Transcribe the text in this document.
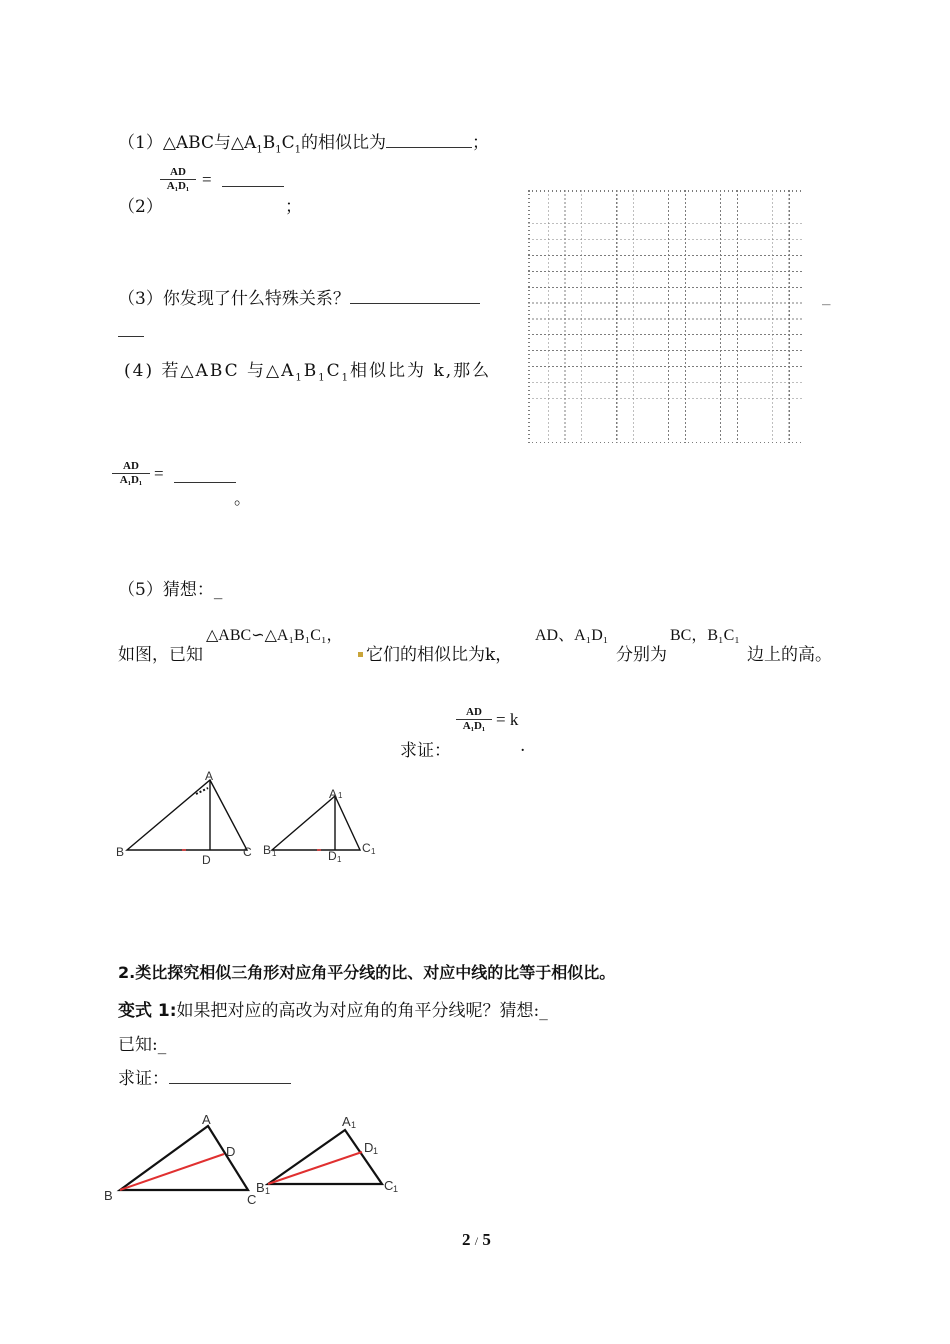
（1）△ABC与$\triangle A_1B_1C_1$的相似比为	；
（2）
$\frac{AD}{\text{A₁D₁}}$ =
；
（3）你发现了什么特殊关系？	_
(4) 若△ABC 与$\triangle A_1B_1C_1$相似比为 k,那么
$\frac{AD}{\text{A₁D₁}}$ =
。
（5）猜想：_
如图，已知
△ABC∽△A₁B₁C₁，
它们的相似比为k，
AD、A₁D₁
分别为
BC，B₁C₁
边上的高。
求证：
$\frac{AD}{\text{A₁D₁}} = k$
.
A
B	C
D
A 1
B 1	C 1
D 1
2.类比探究相似三角形对应角平分线的比、对应中线的比等于相似比。
变式 1:如果把对应的高改为对应角的角平分线呢？猜想:_
已知:_
求证：
A
B	C
D
A 1
B 1	C 1
D 1
2 / 5
